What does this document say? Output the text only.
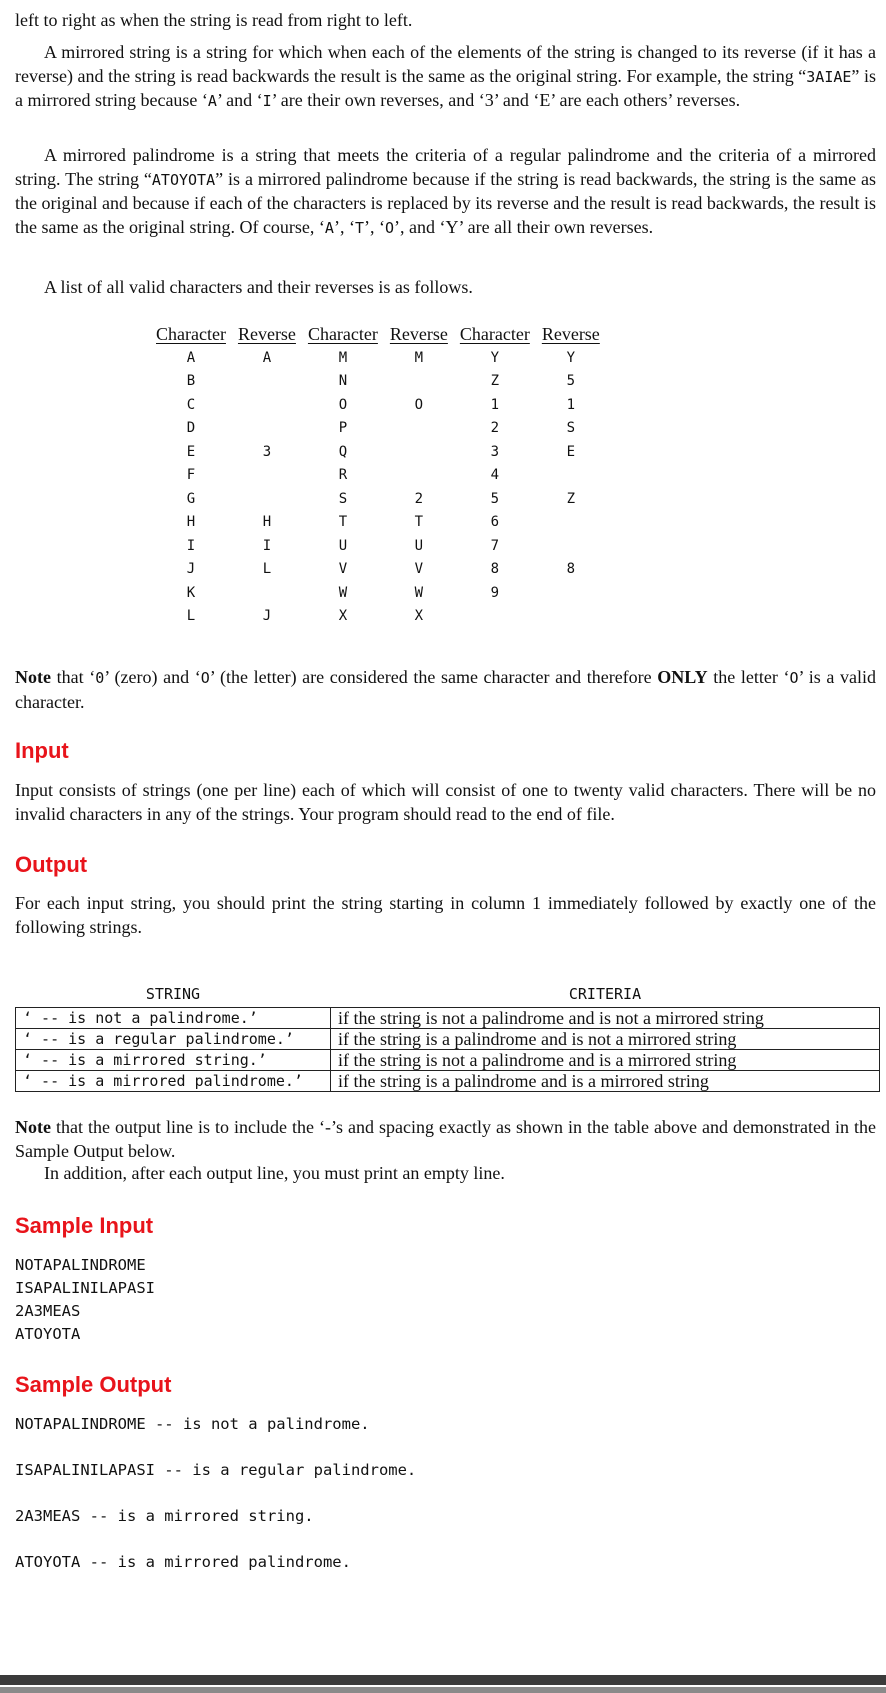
left to right as when the string is read from right to left.

A mirrored string is a string for which when each of the elements of the string is changed to its reverse (if it has a reverse) and the string is read backwards the result is the same as the original string. For example, the string “3AIAE” is a mirrored string because ‘A’ and ‘I’ are their own reverses, and ‘3’ and ‘E’ are each others’ reverses.

A mirrored palindrome is a string that meets the criteria of a regular palindrome and the criteria of a mirrored string. The string “ATOYOTA” is a mirrored palindrome because if the string is read backwards, the string is the same as the original and because if each of the characters is replaced by its reverse and the result is read backwards, the result is the same as the original string. Of course, ‘A’, ‘T’, ‘O’, and ‘Y’ are all their own reverses.

A list of all valid characters and their reverses is as follows.

Character	Reverse	Character	Reverse	Character	Reverse
A	A	M	M	Y	Y
B		N		Z	5
C		O	O	1	1
D		P		2	S
E	3	Q		3	E
F		R		4	
G		S	2	5	Z
H	H	T	T	6	
I	I	U	U	7	
J	L	V	V	8	8
K		W	W	9	
L	J	X	X		

Note that ‘0’ (zero) and ‘O’ (the letter) are considered the same character and therefore ONLY the letter ‘O’ is a valid character.

Input

Input consists of strings (one per line) each of which will consist of one to twenty valid characters. There will be no invalid characters in any of the strings. Your program should read to the end of file.

Output

For each input string, you should print the string starting in column 1 immediately followed by exactly one of the following strings.

STRING	CRITERIA
‘ -- is not a palindrome.’	if the string is not a palindrome and is not a mirrored string
‘ -- is a regular palindrome.’	if the string is a palindrome and is not a mirrored string
‘ -- is a mirrored string.’	if the string is not a palindrome and is a mirrored string
‘ -- is a mirrored palindrome.’	if the string is a palindrome and is a mirrored string

Note that the output line is to include the ‘-’s and spacing exactly as shown in the table above and demonstrated in the Sample Output below.

In addition, after each output line, you must print an empty line.

Sample Input
NOTAPALINDROME
ISAPALINILAPASI
2A3MEAS
ATOYOTA
Sample Output
NOTAPALINDROME -- is not a palindrome.

ISAPALINILAPASI -- is a regular palindrome.

2A3MEAS -- is a mirrored string.

ATOYOTA -- is a mirrored palindrome.
